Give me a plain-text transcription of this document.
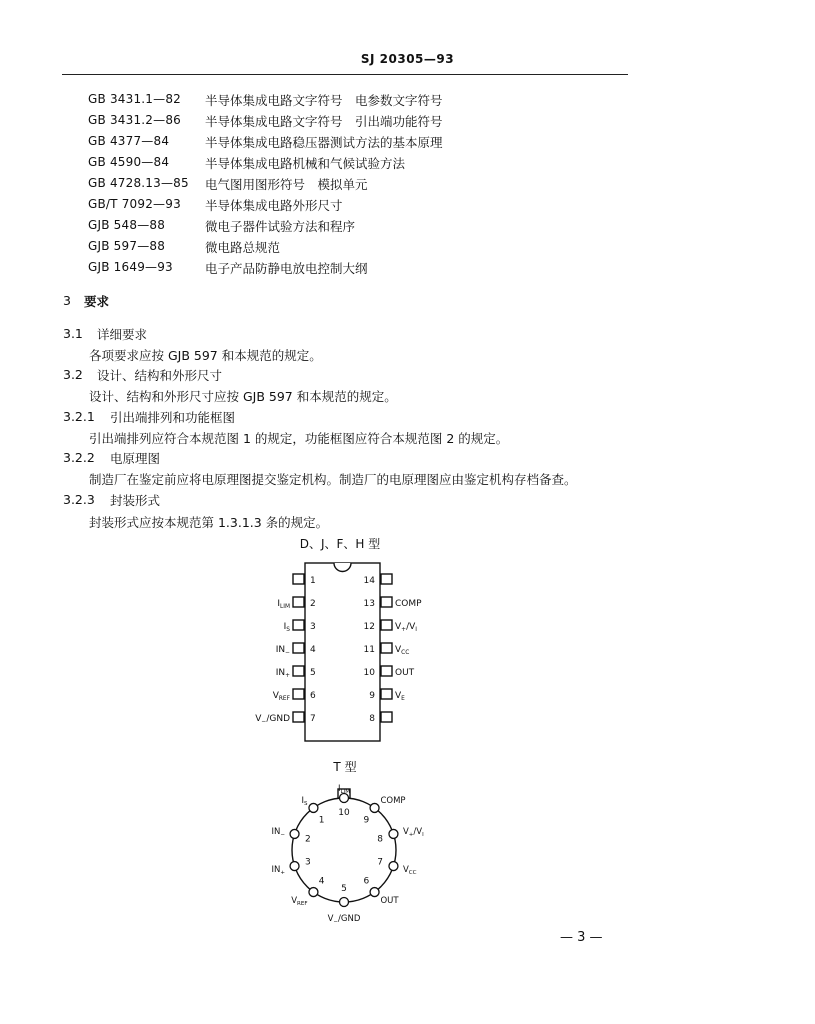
SJ 20305—93
GB 3431.1—82 半导体集成电路文字符号　电参数文字符号
GB 3431.2—86 半导体集成电路文字符号　引出端功能符号
GB 4377—84	半导体集成电路稳压器测试方法的基本原理
GB 4590—84	半导体集成电路机械和气候试验方法
GB 4728.13—85 电气图用图形符号　模拟单元
GB/T 7092—93 半导体集成电路外形尺寸
GJB 548—88	微电子器件试验方法和程序
GJB 597—88	微电路总规范
GJB 1649—93	电子产品防静电放电控制大纲
3 要求
3.1 详细要求
各项要求应按 GJB 597 和本规范的规定。
3.2 设计、结构和外形尺寸
设计、结构和外形尺寸应按 GJB 597 和本规范的规定。
3.2.1 引出端排列和功能框图
引出端排列应符合本规范图 1 的规定，功能框图应符合本规范图 2 的规定。
3.2.2 电原理图
制造厂在鉴定前应将电原理图提交鉴定机构。制造厂的电原理图应由鉴定机构存档备查。
3.2.3 封装形式
封装形式应按本规范第 1.3.1.3 条的规定。
D、J、F、H 型
1
2
$I_{LIM}$
3
$I_S$
4
$IN_-$
5
$IN_+$
6
$V_{REF}$
7
$V_-$/GND
14
13 COMP
12 $V_+/V_I$
11 $V_{CC}$
10 OUT
9 $V_E$
8
T 型
1
$I_S$
2
$IN_-$
3
$IN_+$
4
$V_{REF}$
5
$V_-$/GND
6
OUT
7
$V_{CC}$
8
$V_+/V_I$
9
COMP
10
$I_{LIM}$
— 3 —
